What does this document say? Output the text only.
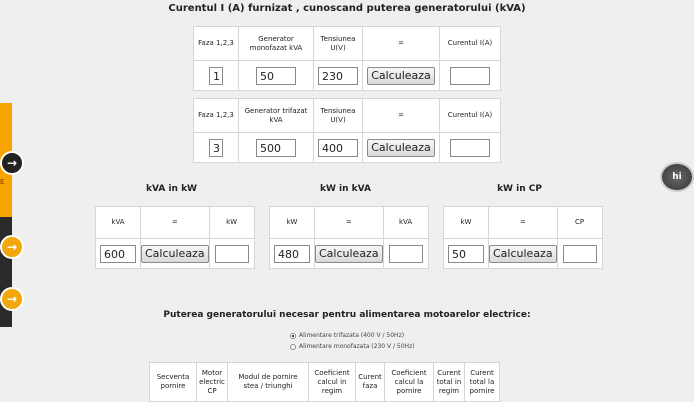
E
→
→
→
hi
Curentul I (A) furnizat , cunoscand puterea generatorului (kVA)
Faza 1,2,3	Generator monofazat kVA	Tensiunea U(V)	=	Curentul I(A)
1	50	230	Calculeaza	
Faza 1,2,3	Generator trifazat kVA	Tensiunea U(V)	=	Curentul I(A)
3	500	400	Calculeaza	
kVA in kW
kVA	=	kW
600	Calculeaza	
kW in kVA
kW	=	kVA
480	Calculeaza	
kW in CP
kW	=	CP
50	Calculeaza	
Puterea generatorului necesar pentru alimentarea motoarelor electrice:
Alimentare trifazata (400 V / 50Hz)
Alimentare monofazata (230 V / 50Hz)
Secventa pornire	Motor electric CP	Modul de pornire stea / triunghi	Coeficient calcul in regim	Curent faza	Coeficient calcul la pornire	Curent total in regim	Curent total la pornire
